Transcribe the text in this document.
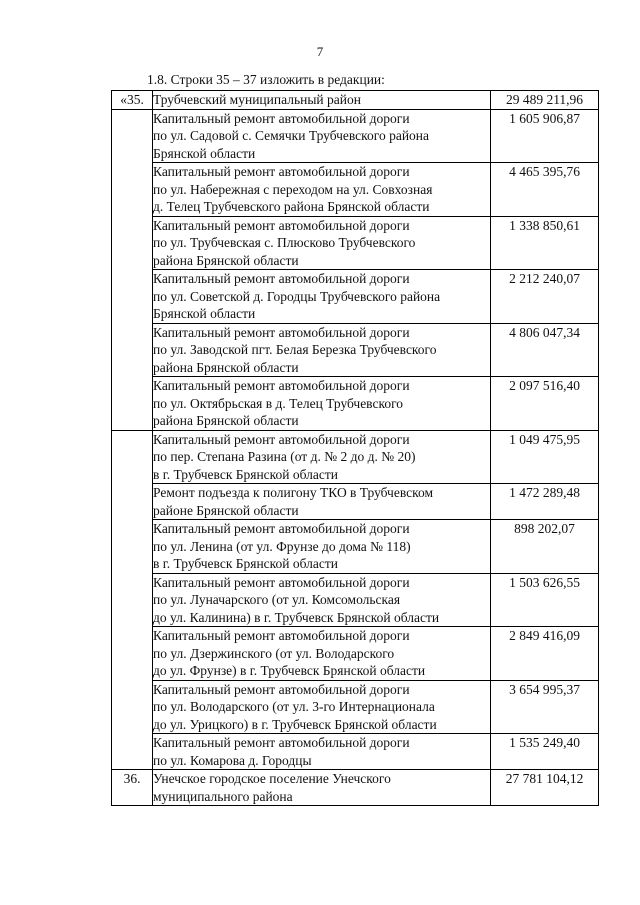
7
1.8. Строки 35 – 37 изложить в редакции:
«35.	Трубчевский муниципальный район	29 489 211,96

	Капитальный ремонт автомобильной дороги
по ул. Садовой с. Семячки Трубчевского района
Брянской области	1 605 906,87

	Капитальный ремонт автомобильной дороги
по ул. Набережная с переходом на ул. Совхозная
д. Телец Трубчевского района Брянской области	4 465 395,76

	Капитальный ремонт автомобильной дороги
по ул. Трубчевская с. Плюсково Трубчевского
района Брянской области	1 338 850,61

	Капитальный ремонт автомобильной дороги
по ул. Советской д. Городцы Трубчевского района
Брянской области	2 212 240,07

	Капитальный ремонт автомобильной дороги
по ул. Заводской пгт. Белая Березка Трубчевского
района Брянской области	4 806 047,34

	Капитальный ремонт автомобильной дороги
по ул. Октябрьская в д. Телец Трубчевского
района Брянской области	2 097 516,40

	Капитальный ремонт автомобильной дороги
по пер. Степана Разина (от д. № 2 до д. № 20)
в г. Трубчевск Брянской области	1 049 475,95

	Ремонт подъезда к полигону ТКО в Трубчевском
районе Брянской области	1 472 289,48

	Капитальный ремонт автомобильной дороги
по ул. Ленина (от ул. Фрунзе до дома № 118)
в г. Трубчевск Брянской области	898 202,07

	Капитальный ремонт автомобильной дороги
по ул. Луначарского (от ул. Комсомольская
до ул. Калинина) в г. Трубчевск Брянской области	1 503 626,55

	Капитальный ремонт автомобильной дороги
по ул. Дзержинского (от ул. Володарского
до ул. Фрунзе) в г. Трубчевск Брянской области	2 849 416,09

	Капитальный ремонт автомобильной дороги
по ул. Володарского (от ул. 3-го Интернационала
до ул. Урицкого) в г. Трубчевск Брянской области	3 654 995,37

	Капитальный ремонт автомобильной дороги
по ул. Комарова д. Городцы	1 535 249,40
36.	Унечское городское поселение Унечского
муниципального района	27 781 104,12
